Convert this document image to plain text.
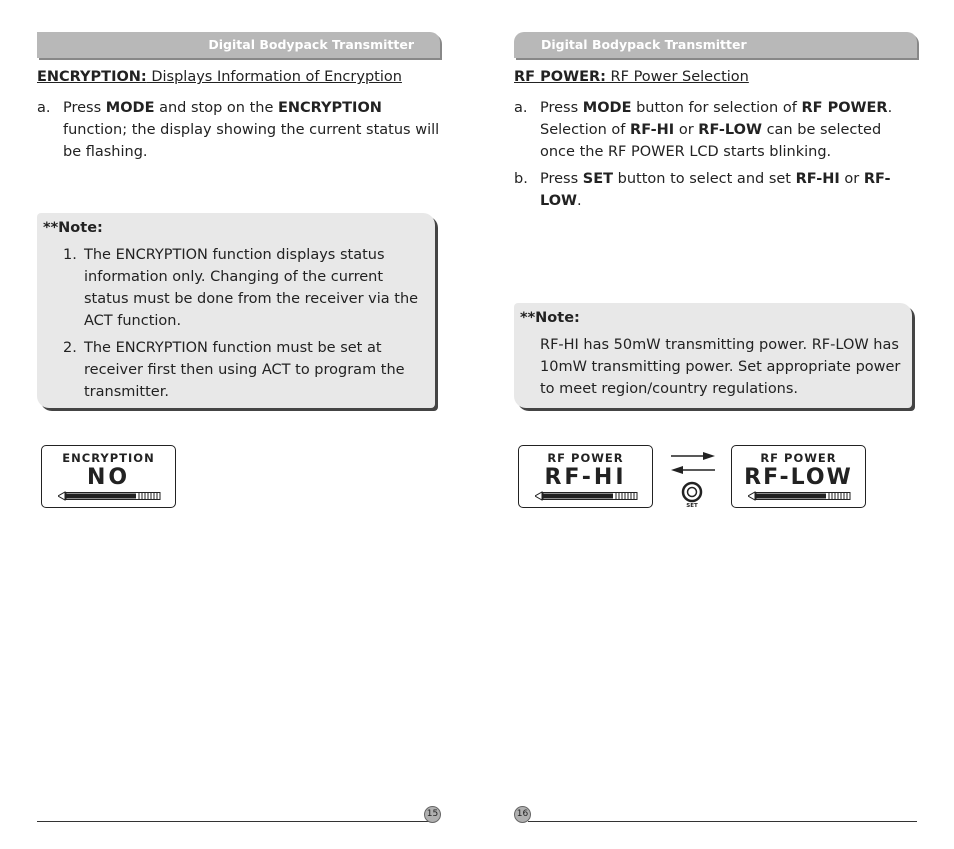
Digital Bodypack Transmitter
ENCRYPTION: Displays Information of Encryption
a. Press MODE and stop on the ENCRYPTION function; the display showing the current status will be flashing.
**Note:
1. The ENCRYPTION function displays status information only. Changing of the current status must be done from the receiver via the ACT function.
2. The ENCRYPTION function must be set at receiver first then using ACT to program the transmitter.
ENCRYPTION
NO
15
Digital Bodypack Transmitter
RF POWER: RF Power Selection
a. Press MODE button for selection of RF POWER. Selection of RF-HI or RF-LOW can be selected once the RF POWER LCD starts blinking.
b. Press SET button to select and set RF-HI or RF-LOW.
**Note:
RF-HI has 50mW transmitting power. RF-LOW has 10mW transmitting power. Set appropriate power to meet region/country regulations.
RF POWER
RF-HI
SET
RF POWER
RF-LOW
16
